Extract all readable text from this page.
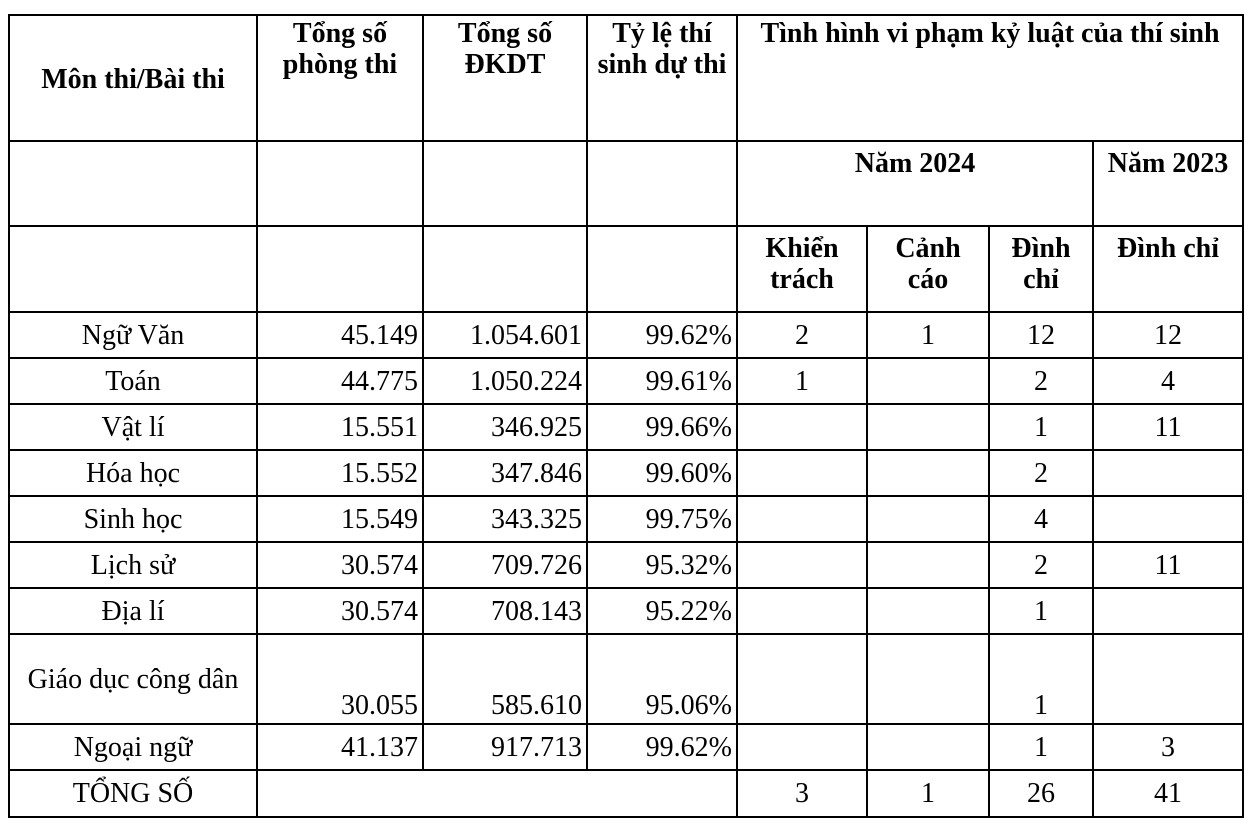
Môn thi/Bài thi	Tổng số phòng thi	Tổng số ĐKDT	Tỷ lệ thí sinh dự thi	Tình hình vi phạm kỷ luật của thí sinh			
				Năm 2024			Năm 2023
				Khiển trách	Cảnh cáo	Đình chỉ	Đình chỉ
Ngữ Văn	45.149	1.054.601	99.62%	2	1	12	12
Toán	44.775	1.050.224	99.61%	1		2	4
Vật lí	15.551	346.925	99.66%			1	11
Hóa học	15.552	347.846	99.60%			2	
Sinh học	15.549	343.325	99.75%			4	
Lịch sử	30.574	709.726	95.32%			2	11
Địa lí	30.574	708.143	95.22%			1	
Giáo dục công dân	30.055	585.610	95.06%			1	
Ngoại ngữ	41.137	917.713	99.62%			1	3
TỔNG SỐ				3	1	26	41
